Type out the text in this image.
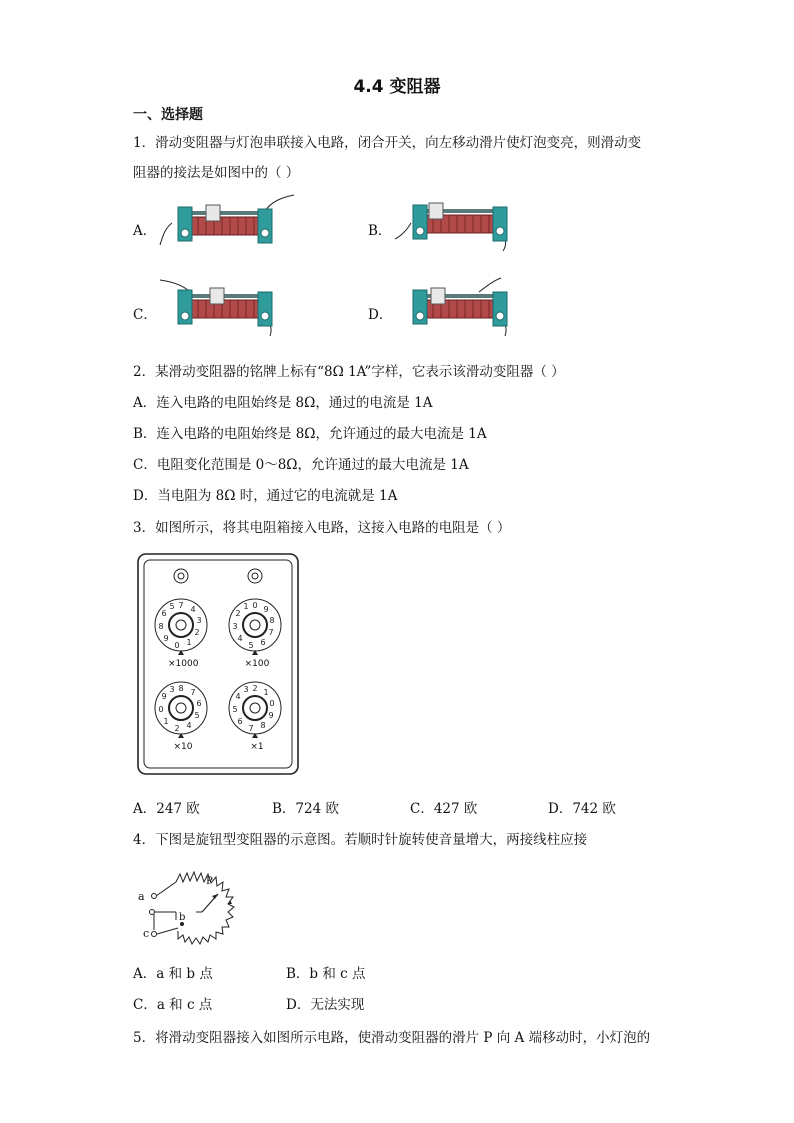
4.4 变阻器
一、选择题
1．滑动变阻器与灯泡串联接入电路，闭合开关，向左移动滑片使灯泡变亮，则滑动变
阻器的接法是如图中的（ ）
A．	B．
C．	D．
2．某滑动变阻器的铭牌上标有“8Ω 1A”字样，它表示该滑动变阻器（ ）
A．连入电路的电阻始终是 8Ω，通过的电流是 1A
B．连入电路的电阻始终是 8Ω，允许通过的最大电流是 1A
C．电阻变化范围是 0～8Ω，允许通过的最大电流是 1A
D．当电阻为 8Ω 时，通过它的电流就是 1A
3．如图所示，将其电阻箱接入电路，这接入电路的电阻是（ ）
7 4
3
2
1
0
9
8
6
5	0 9
8
7
6
5
4
3
2
1
8 7
6
5
4
2
1
0
9
3	2 1
0
9
8
7
6
5
4
3
×1000	×100
×10	×1
A．247 欧	B．724 欧	C．427 欧	D．742 欧
4．下图是旋钮型变阻器的示意图。若顺时针旋转使音量增大，两接线柱应接
a
c
b
P
A．a 和 b 点	B．b 和 c 点
C．a 和 c 点	D．无法实现
5．将滑动变阻器接入如图所示电路，使滑动变阻器的滑片 P 向 A 端移动时，小灯泡的
